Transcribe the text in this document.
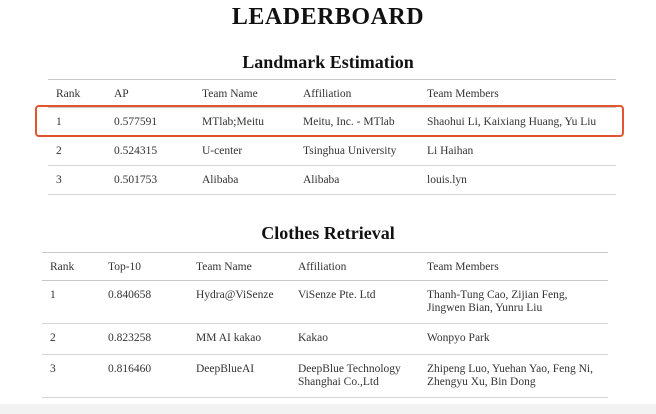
LEADERBOARD
Landmark Estimation
Rank	AP	Team Name	Affiliation	Team Members
1	0.577591	MTlab;Meitu	Meitu, Inc. - MTlab	Shaohui Li, Kaixiang Huang, Yu Liu
2	0.524315	U-center	Tsinghua University	Li Haihan
3	0.501753	Alibaba	Alibaba	louis.lyn
Clothes Retrieval
Rank	Top-10	Team Name	Affiliation	Team Members
1	0.840658	Hydra@ViSenze	ViSenze Pte. Ltd	Thanh-Tung Cao, Zijian Feng, Jingwen Bian, Yunru Liu
2	0.823258	MM AI kakao	Kakao	Wonpyo Park
3	0.816460	DeepBlueAI	DeepBlue Technology Shanghai Co.,Ltd	Zhipeng Luo, Yuehan Yao, Feng Ni, Zhengyu Xu, Bin Dong
